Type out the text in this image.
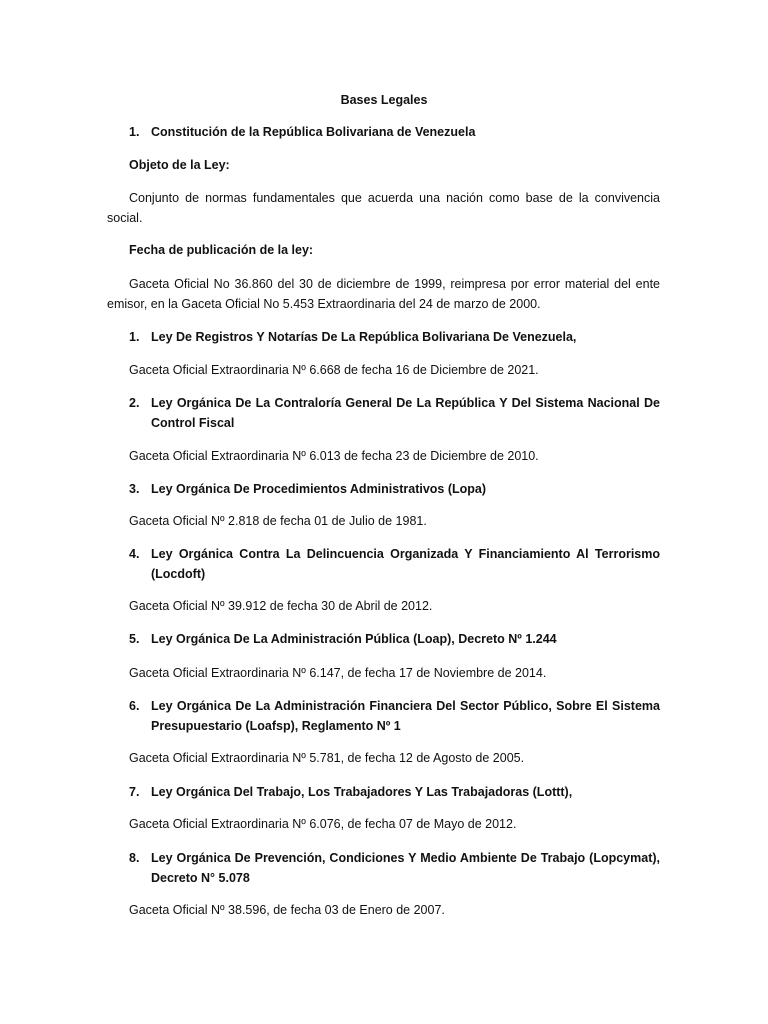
Bases Legales
1. Constitución de la República Bolivariana de Venezuela
Objeto de la Ley:
Conjunto de normas fundamentales que acuerda una nación como base de la convivencia social.
Fecha de publicación de la ley:
Gaceta Oficial No 36.860 del 30 de diciembre de 1999, reimpresa por error material del ente emisor, en la Gaceta Oficial No 5.453 Extraordinaria del 24 de marzo de 2000.
1. Ley De Registros Y Notarías De La República Bolivariana De Venezuela,
Gaceta Oficial Extraordinaria Nº 6.668 de fecha 16 de Diciembre de 2021.
2. Ley Orgánica De La Contraloría General De La República Y Del Sistema Nacional De Control Fiscal
Gaceta Oficial Extraordinaria Nº 6.013 de fecha 23 de Diciembre de 2010.
3. Ley Orgánica De Procedimientos Administrativos (Lopa)
Gaceta Oficial Nº 2.818 de fecha 01 de Julio de 1981.
4. Ley Orgánica Contra La Delincuencia Organizada Y Financiamiento Al Terrorismo (Locdoft)
Gaceta Oficial Nº 39.912 de fecha 30 de Abril de 2012.
5. Ley Orgánica De La Administración Pública (Loap), Decreto Nº 1.244
Gaceta Oficial Extraordinaria Nº 6.147, de fecha 17 de Noviembre de 2014.
6. Ley Orgánica De La Administración Financiera Del Sector Público, Sobre El Sistema Presupuestario (Loafsp), Reglamento Nº 1
Gaceta Oficial Extraordinaria Nº 5.781, de fecha 12 de Agosto de 2005.
7. Ley Orgánica Del Trabajo, Los Trabajadores Y Las Trabajadoras (Lottt),
Gaceta Oficial Extraordinaria Nº 6.076, de fecha 07 de Mayo de 2012.
8. Ley Orgánica De Prevención, Condiciones Y Medio Ambiente De Trabajo (Lopcymat), Decreto N° 5.078
Gaceta Oficial Nº 38.596, de fecha 03 de Enero de 2007.
